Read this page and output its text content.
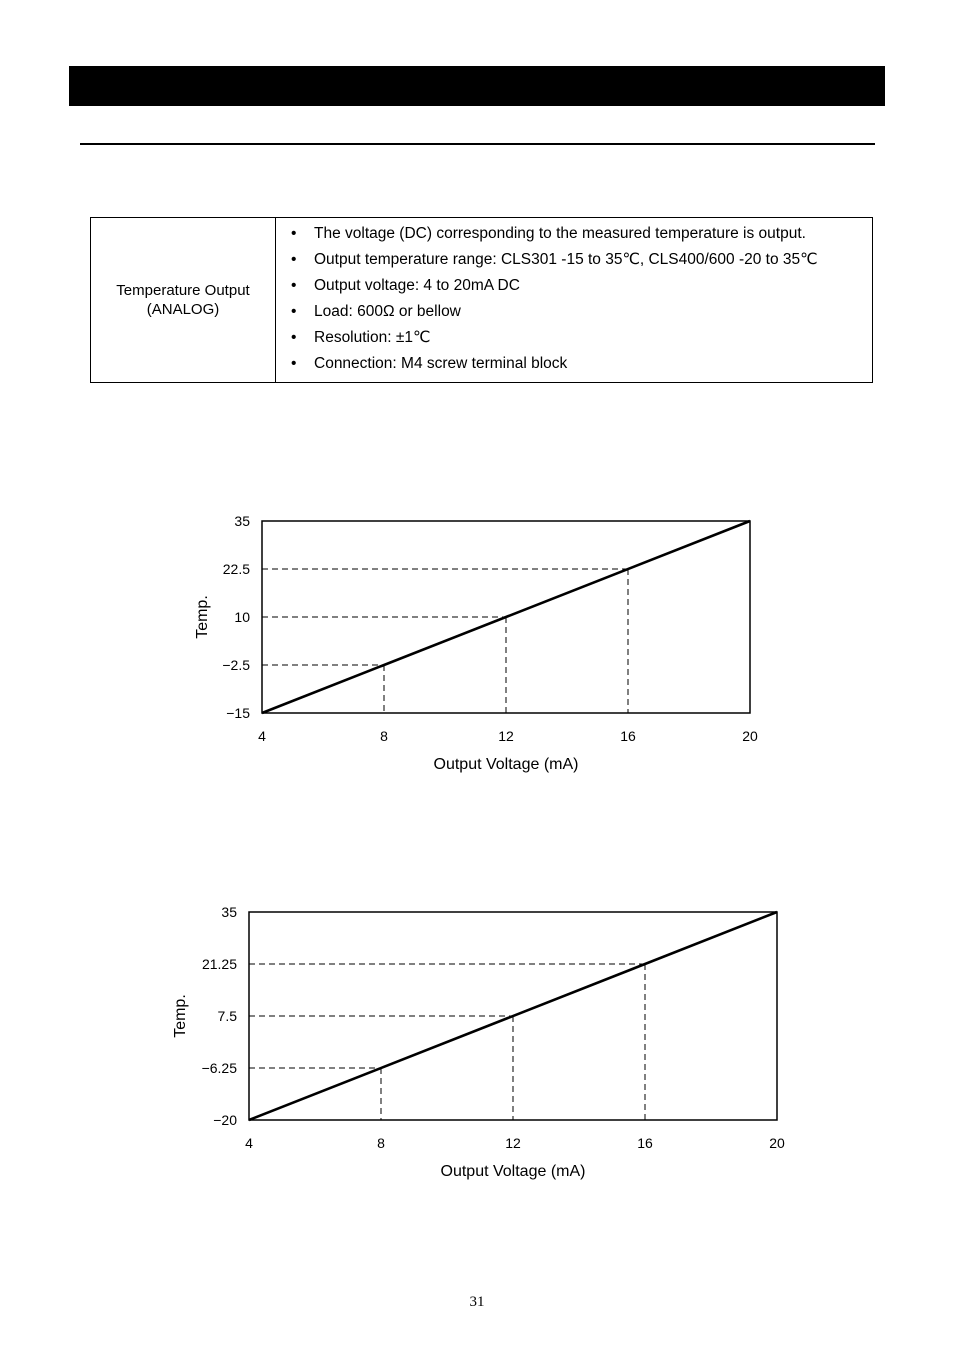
Temperature Output
(ANALOG)

• The voltage (DC) corresponding to the measured temperature is output.
• Output temperature range: CLS301 -15 to 35℃, CLS400/600 -20 to 35℃
• Output voltage: 4 to 20mA DC
• Load: 600Ω or bellow
• Resolution: ±1℃
• Connection: M4 screw terminal block
35
22.5
10
−2.5
−15
4	8	12	16	20
Output Voltage (mA)
Temp.
35
21.25
7.5
−6.25
−20
4	8	12	16	20
Output Voltage (mA)
Temp.
31
